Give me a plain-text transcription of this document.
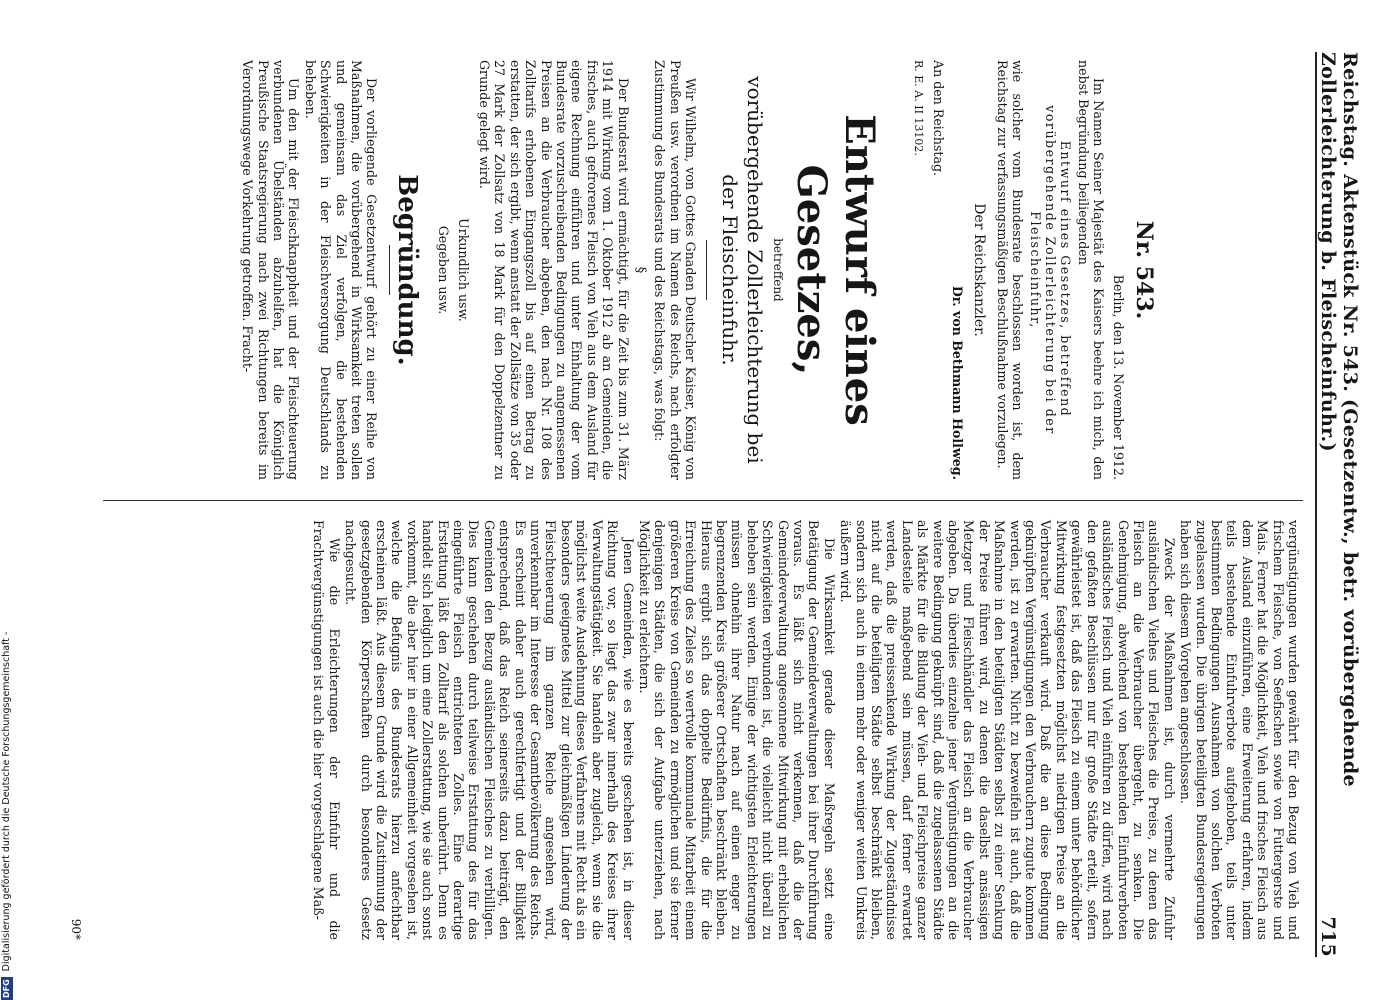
Reichstag. Aktenstück Nr. 543. (Gesetzentw., betr. vorübergehende Zollerleichterung b. Fleischeinfuhr.)
715
Nr. 543.
Berlin, den 13. November 1912.

Im Namen Seiner Majestät des Kaisers beehre ich mich, den nebst Begründung beiliegenden

Entwurf eines Gesetzes, betreffend vorübergehende Zollerleichterung bei der Fleischeinfuhr,

wie solcher vom Bundesrate beschlossen worden ist, dem Reichstag zur verfassungsmäßigen Beschlußnahme vorzulegen.

Der Reichskanzler.
Dr. von Bethmann Hollweg.
An den Reichstag.
R. E. A. II 13102.
Entwurf eines Gesetzes,
betreffend
vorübergehende Zollerleichterung bei der Fleischeinfuhr.

Wir Wilhelm, von Gottes Gnaden Deutscher Kaiser, König von Preußen usw. verordnen im Namen des Reichs, nach erfolgter Zustimmung des Bundesrats und des Reichstags, was folgt:

§

Der Bundesrat wird ermächtigt, für die Zeit bis zum 31. März 1914 mit Wirkung vom 1. Oktober 1912 ab an Gemeinden, die frisches, auch gefrorenes Fleisch von Vieh aus dem Ausland für eigene Rechnung einführen und unter Einhaltung der vom Bundesrate vorzuschreibenden Bedingungen zu angemessenen Preisen an die Verbraucher abgeben, den nach Nr. 108 des Zolltarifs erhobenen Eingangszoll bis auf einen Betrag zu erstatten, der sich ergibt, wenn anstatt der Zollsätze von 35 oder 27 Mark der Zollsatz von 18 Mark für den Doppelzentner zu Grunde gelegt wird.

Urkundlich usw.
Gegeben usw.
Begründung.

Der vorliegende Gesetzentwurf gehört zu einer Reihe von Maßnahmen, die vorübergehend in Wirksamkeit treten sollen und gemeinsam das Ziel verfolgen, die bestehenden Schwierigkeiten in der Fleischversorgung Deutschlands zu beheben.

Um den mit der Fleischknappheit und der Fleischteuerung verbundenen Übelständen abzuhelfen, hat die Königlich Preußische Staatsregierung nach zwei Richtungen bereits im Verordnungswege Vorkehrung getroffen. Fracht-

vergünstigungen wurden gewährt für den Bezug von Vieh und frischem Fleische, von Seefischen sowie von Futtergerste und Mais. Ferner hat die Möglichkeit, Vieh und frisches Fleisch aus dem Ausland einzuführen, eine Erweiterung erfahren, indem teils bestehende Einfuhrverbote aufgehoben, teils unter bestimmten Bedingungen Ausnahmen von solchen Verboten zugelassen wurden. Die übrigen beteiligten Bundesregierungen haben sich diesem Vorgehen angeschlossen.

Zweck der Maßnahmen ist, durch vermehrte Zufuhr ausländischen Viehes und Fleisches die Preise, zu denen das Fleisch an die Verbraucher übergeht, zu senken. Die Genehmigung, abweichend von bestehenden Einfuhrverboten ausländisches Fleisch und Vieh einführen zu dürfen, wird nach den gefaßten Beschlüssen nur für große Städte erteilt, sofern gewährleistet ist, daß das Fleisch zu einem unter behördlicher Mitwirkung festgesetzten möglichst niedrigen Preise an die Verbraucher verkauft wird. Daß die an diese Bedingung geknüpften Vergünstigungen den Verbrauchern zugute kommen werden, ist zu erwarten. Nicht zu bezweifeln ist auch, daß die Maßnahme in den beteiligten Städten selbst zu einer Senkung der Preise führen wird, zu denen die daselbst ansässigen Metzger und Fleischhändler das Fleisch an die Verbraucher abgeben. Da überdies einzelne jener Vergünstigungen an die weitere Bedingung geknüpft sind, daß die zugelassenen Städte als Märkte für die Bildung der Vieh- und Fleischpreise ganzer Landesteile maßgebend sein müssen, darf ferner erwartet werden, daß die preissenkende Wirkung der Zugeständnisse nicht auf die beteiligten Städte selbst beschränkt bleiben, sondern sich auch in einem mehr oder weniger weiten Umkreis äußern wird.

Die Wirksamkeit gerade dieser Maßregeln setzt eine Betätigung der Gemeindeverwaltungen bei ihrer Durchführung voraus. Es läßt sich nicht verkennen, daß die der Gemeindeverwaltung angesonnene Mitwirkung mit erheblichen Schwierigkeiten verbunden ist, die vielleicht nicht überall zu beheben sein werden. Einige der wichtigsten Erleichterungen müssen ohnehin ihrer Natur nach auf einen enger zu begrenzenden Kreis größerer Ortschaften beschränkt bleiben. Hieraus ergibt sich das doppelte Bedürfnis, die für die Erreichung des Zieles so wertvolle kommunale Mitarbeit einem größeren Kreise von Gemeinden zu ermöglichen und sie ferner denjenigen Städten, die sich der Aufgabe unterziehen, nach Möglichkeit zu erleichtern.

Jenen Gemeinden, wie es bereits geschehen ist, in dieser Richtung vor, so liegt das zwar innerhalb des Kreises ihrer Verwaltungstätigkeit. Sie handeln aber zugleich, wenn sie die möglichst weite Ausdehnung dieses Verfahrens mit Recht als ein besonders geeignetes Mittel zur gleichmäßigen Linderung der Fleischteuerung im ganzen Reiche angesehen wird, unverkennbar im Interesse der Gesamtbevölkerung des Reichs. Es erscheint daher auch gerechtfertigt und der Billigkeit entsprechend, daß das Reich seinerseits dazu beiträgt, den Gemeinden den Bezug ausländischen Fleisches zu verbilligen. Dies kann geschehen durch teilweise Erstattung des für das eingeführte Fleisch entrichteten Zolles. Eine derartige Erstattung läßt den Zolltarif als solchen unberührt. Denn es handelt sich lediglich um eine Zollerstattung, wie sie auch sonst vorkommt, die aber hier in einer Allgemeinheit vorgesehen ist, welche die Befugnis des Bundesrats hierzu anfechtbar erscheinen läßt. Aus diesem Grunde wird die Zustimmung der gesetzgebenden Körperschaften durch besonderes Gesetz nachgesucht.

Wie die Erleichterungen der Einfuhr und die Frachtvergünstigungen ist auch die hier vorgeschlagene Maß-

90*
DFG
Digitalisierung gefördert durch die Deutsche Forschungsgemeinschaft -
